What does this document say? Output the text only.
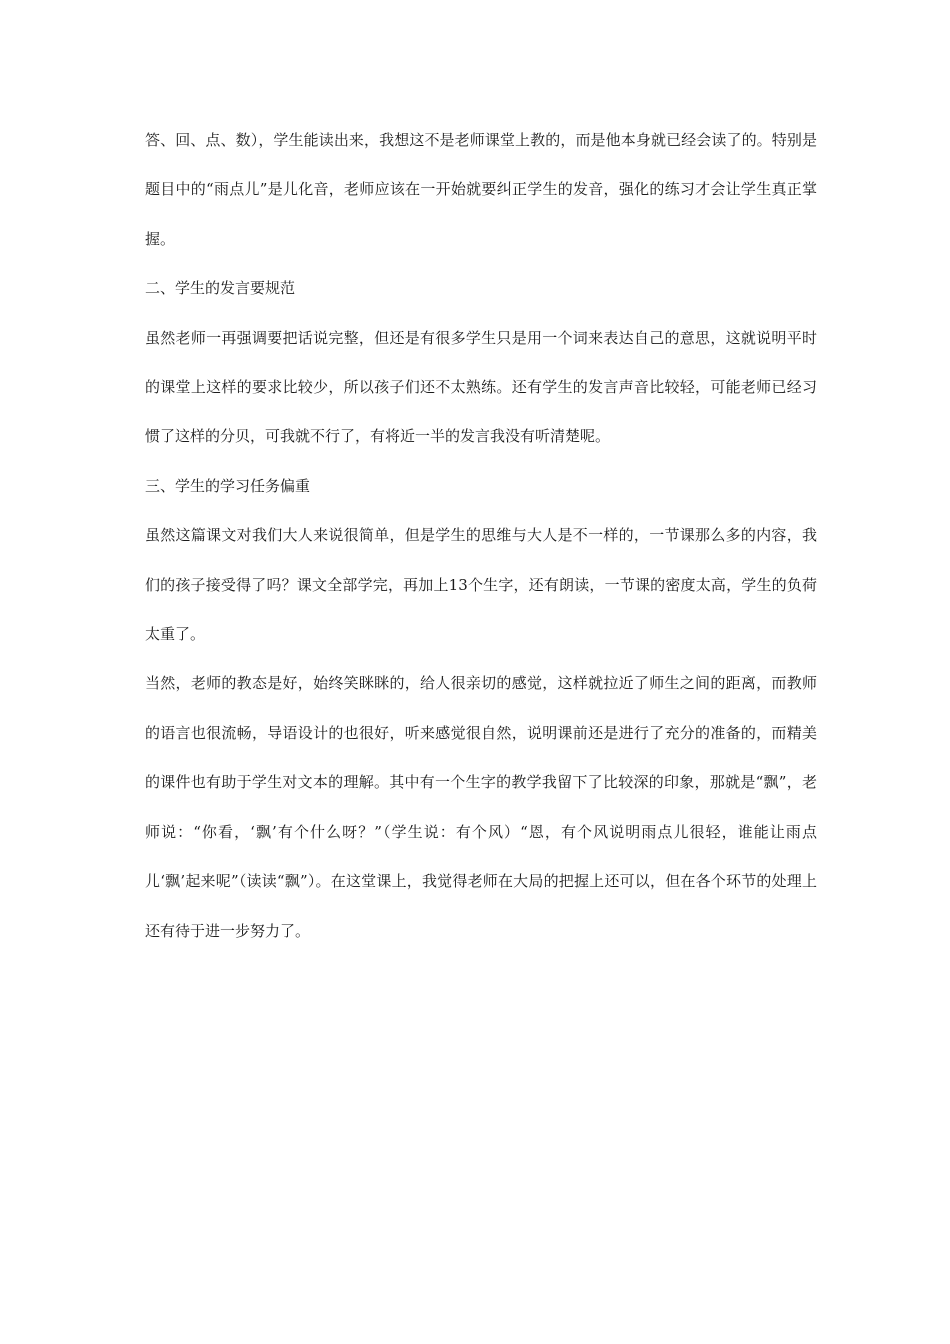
答、回、点、数），学生能读出来，我想这不是老师课堂上教的，而是他本身就已经会读了的。特别是题目中的“雨点儿”是儿化音，老师应该在一开始就要纠正学生的发音，强化的练习才会让学生真正掌握。

二、学生的发言要规范

虽然老师一再强调要把话说完整，但还是有很多学生只是用一个词来表达自己的意思，这就说明平时的课堂上这样的要求比较少，所以孩子们还不太熟练。还有学生的发言声音比较轻，可能老师已经习惯了这样的分贝，可我就不行了，有将近一半的发言我没有听清楚呢。

三、学生的学习任务偏重

虽然这篇课文对我们大人来说很简单，但是学生的思维与大人是不一样的，一节课那么多的内容，我们的孩子接受得了吗？课文全部学完，再加上13个生字，还有朗读，一节课的密度太高，学生的负荷太重了。

当然，老师的教态是好，始终笑眯眯的，给人很亲切的感觉，这样就拉近了师生之间的距离，而教师的语言也很流畅，导语设计的也很好，听来感觉很自然，说明课前还是进行了充分的准备的，而精美的课件也有助于学生对文本的理解。其中有一个生字的教学我留下了比较深的印象，那就是“飘”，老师说：“你看，‘飘’有个什么呀？”（学生说：有个风）“恩，有个风说明雨点儿很轻，谁能让雨点儿‘飘’起来呢”（读读“飘”）。在这堂课上，我觉得老师在大局的把握上还可以，但在各个环节的处理上还有待于进一步努力了。
